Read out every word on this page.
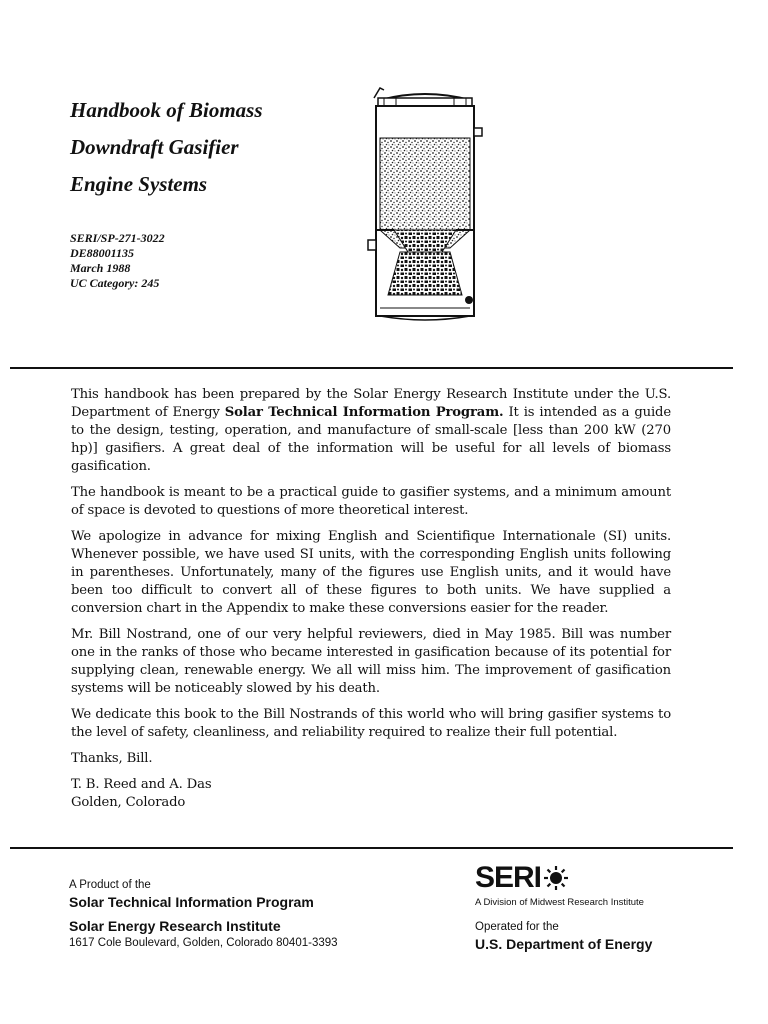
Handbook of Biomass
Downdraft Gasifier
Engine Systems
SERI/SP-271-3022
DE88001135
March 1988
UC Category: 245

This handbook has been prepared by the Solar Energy Research Institute under the U.S. Department of Energy Solar Technical Information Program. It is intended as a guide to the design, testing, operation, and manufacture of small-scale [less than 200 kW (270 hp)] gasifiers. A great deal of the information will be useful for all levels of biomass gasification.

The handbook is meant to be a practical guide to gasifier systems, and a minimum amount of space is devoted to questions of more theoretical interest.

We apologize in advance for mixing English and Scientifique Internationale (SI) units. Whenever possible, we have used SI units, with the corresponding English units following in parentheses. Unfortunately, many of the figures use English units, and it would have been too difficult to convert all of these figures to both units. We have supplied a conversion chart in the Appendix to make these conversions easier for the reader.

Mr. Bill Nostrand, one of our very helpful reviewers, died in May 1985. Bill was number one in the ranks of those who became interested in gasification because of its potential for supplying clean, renewable energy. We all will miss him. The improvement of gasification systems will be noticeably slowed by his death.

We dedicate this book to the Bill Nostrands of this world who will bring gasifier systems to the level of safety, cleanliness, and reliability required to realize their full potential.

Thanks, Bill.

T. B. Reed and A. Das
Golden, Colorado

A Product of the
Solar Technical Information Program
Solar Energy Research Institute
1617 Cole Boulevard, Golden, Colorado 80401-3393
SERI
A Division of Midwest Research Institute
Operated for the
U.S. Department of Energy
